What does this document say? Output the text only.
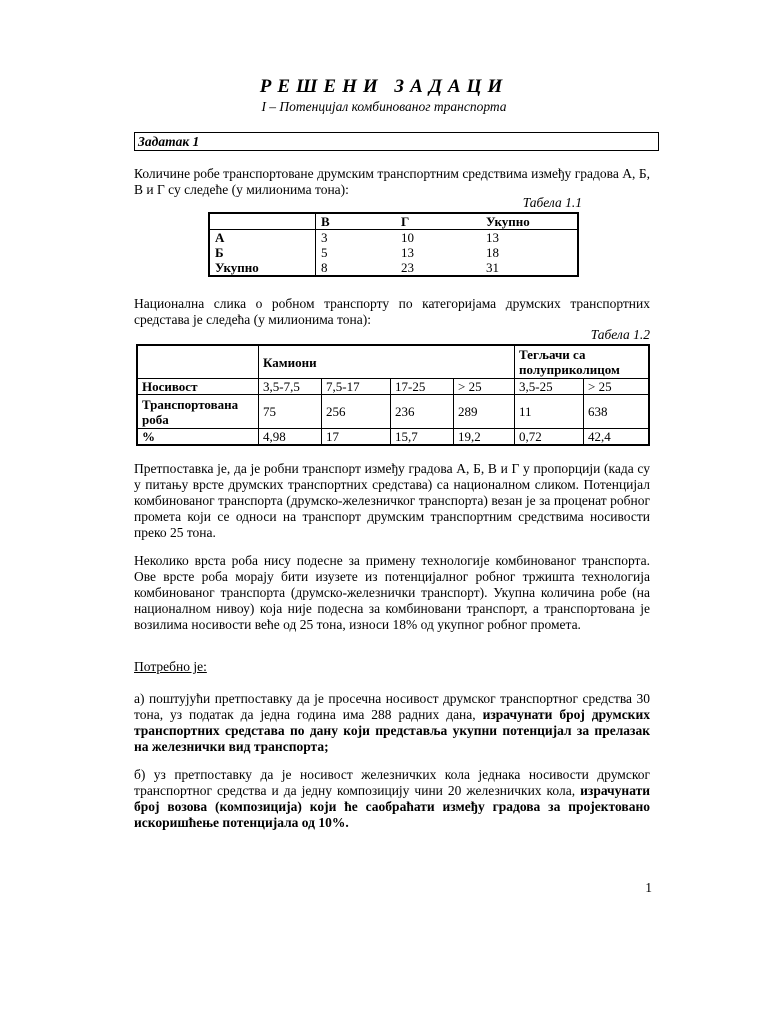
РЕШЕНИ ЗАДАЦИ
I – Потенцијал комбинованог транспорта
Задатак 1
Количине робе транспортоване друмским транспортним средствима између градова А, Б, В и Г су следеће (у милионима тона):
Табела 1.1
	В	Г	Укупно
А	3	10	13
Б	5	13	18
Укупно	8	23	31
Национална слика о робном транспорту по категоријама друмских транспортних средстава је следећа (у милионима тона):
Табела 1.2
	Камиони				Тегљачи са полуприколицом	
Носивост	3,5-7,5	7,5-17	17-25	> 25	3,5-25	> 25
Транспортована роба	75	256	236	289	11	638
%	4,98	17	15,7	19,2	0,72	42,4
Претпоставка је, да је робни транспорт између градова А, Б, В и Г у пропорцији (када су у питању врсте друмских транспортних средстава) са националном сликом. Потенцијал комбинованог транспорта (друмско-железничког транспорта) везан је за проценат робног промета који се односи на транспорт друмским транспортним средствима носивости преко 25 тона.
Неколико врста роба нису подесне за примену технологије комбинованог транспорта. Ове врсте роба морају бити изузете из потенцијалног робног тржишта технологија комбинованог транспорта (друмско-железнички транспорт). Укупна количина робе (на националном нивоу) која није подесна за комбиновани транспорт, а транспортована је возилима носивости веће од 25 тона, износи 18% од укупног робног промета.
Потребно је:
а) поштујући претпоставку да је просечна носивост друмског транспортног средства 30 тона, уз податак да једна година има 288 радних дана, израчунати број друмских транспортних средстава по дану који представља укупни потенцијал за прелазак на железнички вид транспорта;
б) уз претпоставку да је носивост железничких кола једнака носивости друмског транспортног средства и да једну композицију чини 20 железничких кола, израчунати број возова (композиција) који ће саобраћати између градова за пројектовано искоришћење потенцијала од 10%.
1
